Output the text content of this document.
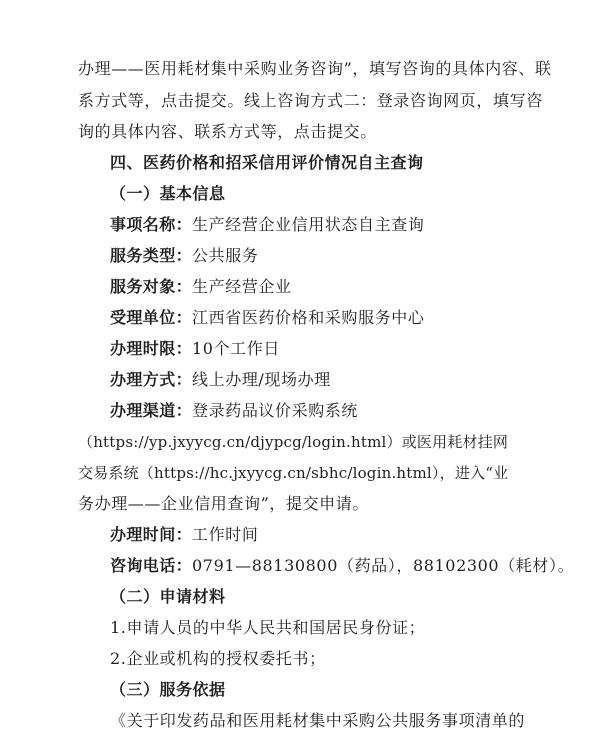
办理——医用耗材集中采购业务咨询”，填写咨询的具体内容、联
系方式等，点击提交。线上咨询方式二：登录咨询网页，填写咨
询的具体内容、联系方式等，点击提交。
四、医药价格和招采信用评价情况自主查询
（一）基本信息
事项名称：生产经营企业信用状态自主查询
服务类型：公共服务
服务对象：生产经营企业
受理单位：江西省医药价格和采购服务中心
办理时限：10个工作日
办理方式：线上办理/现场办理
办理渠道：登录药品议价采购系统
（https://yp.jxyycg.cn/djypcg/login.html）或医用耗材挂网
交易系统（https://hc.jxyycg.cn/sbhc/login.html），进入“业
务办理——企业信用查询”，提交申请。
办理时间：工作时间
咨询电话：0791—88130800（药品），88102300（耗材）。
（二）申请材料
1.申请人员的中华人民共和国居民身份证；
2.企业或机构的授权委托书；
（三）服务依据
《关于印发药品和医用耗材集中采购公共服务事项清单的
